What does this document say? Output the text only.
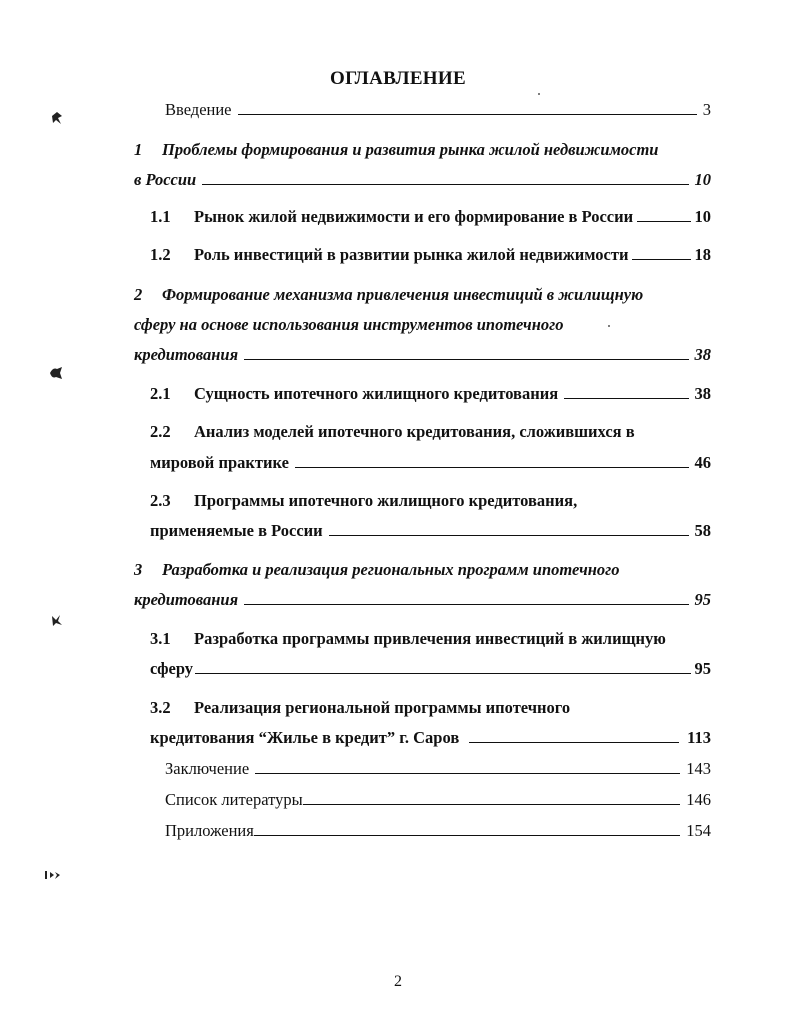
ОГЛАВЛЕНИЕ
Введение	3
1	Проблемы формирования и развития рынка жилой недвижимости
в России	10
1.1	Рынок жилой недвижимости и его формирование в России	10
1.2	Роль инвестиций в развитии рынка жилой недвижимости	18
2	Формирование механизма привлечения инвестиций в жилищную
сферу на основе использования инструментов ипотечного
кредитования	38
2.1	Сущность ипотечного жилищного кредитования	38
2.2	Анализ моделей ипотечного кредитования, сложившихся в
мировой практике	46
2.3	Программы ипотечного жилищного кредитования,
применяемые в России	58
3	Разработка и реализация региональных программ ипотечного
кредитования	95
3.1	Разработка программы привлечения инвестиций в жилищную
сферу	95
3.2	Реализация региональной программы ипотечного
кредитования “Жилье в кредит” г. Саров	113
Заключение	143
Список литературы	146
Приложения	154
2
